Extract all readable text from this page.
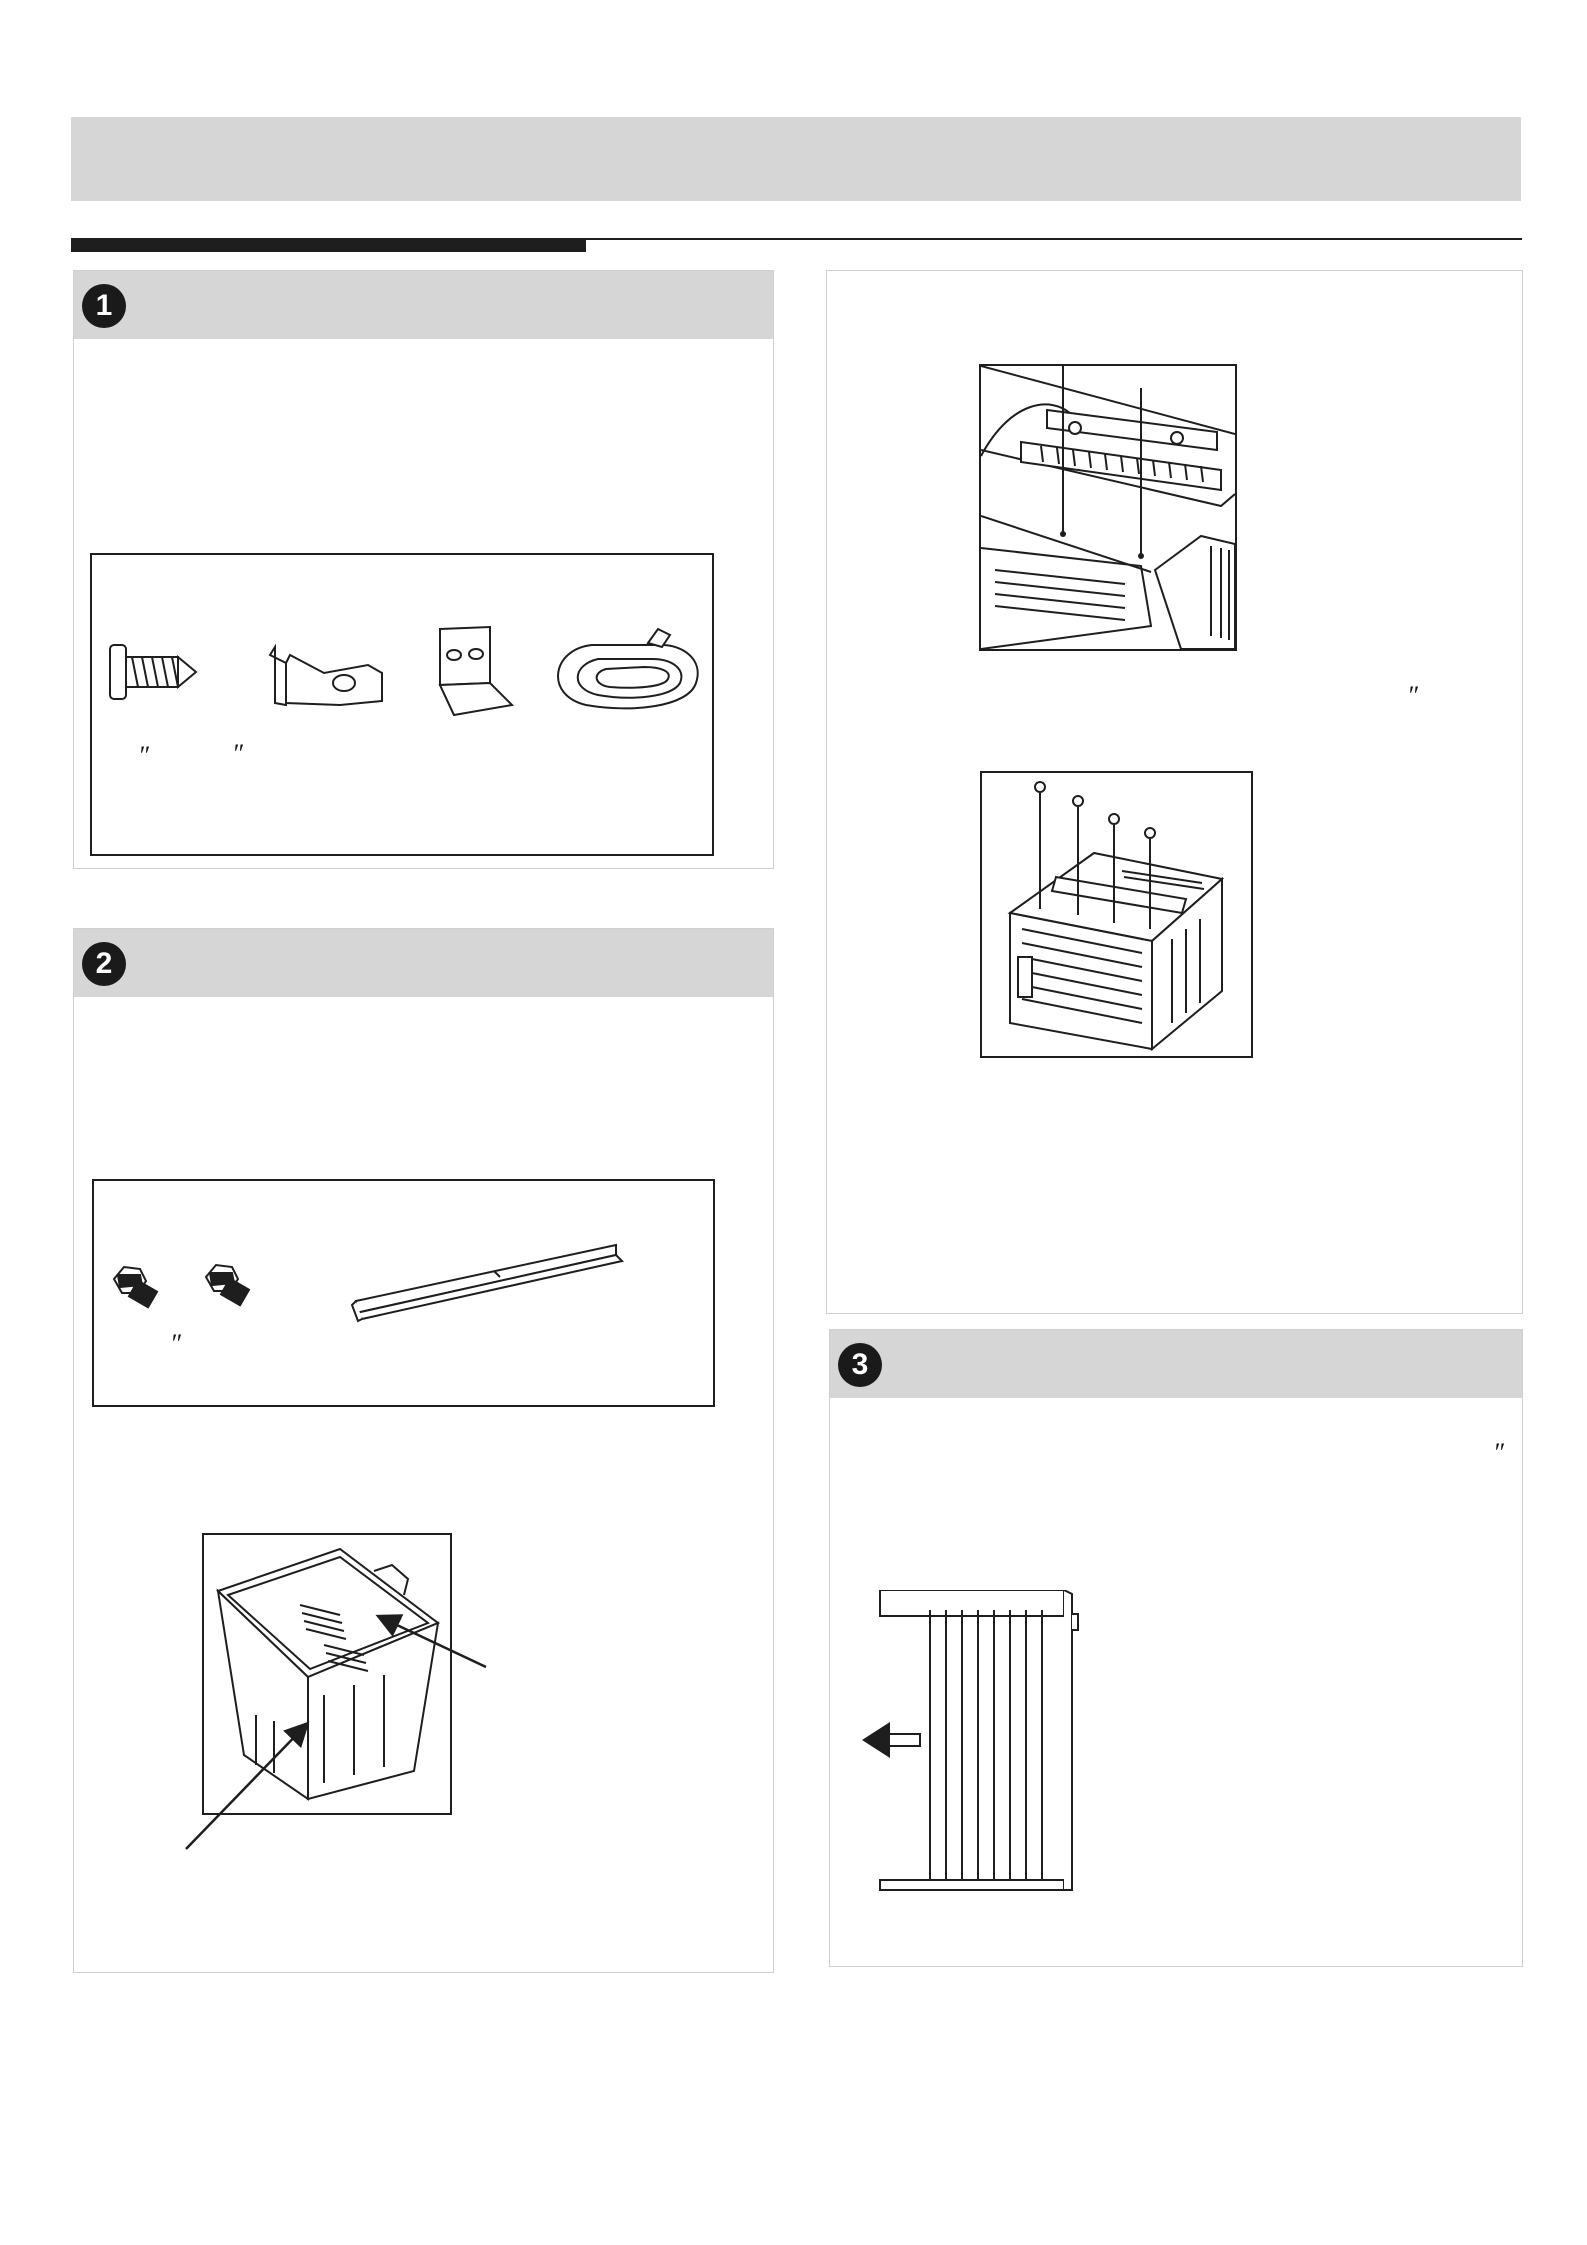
1
″	″
2
″
″
3
″
